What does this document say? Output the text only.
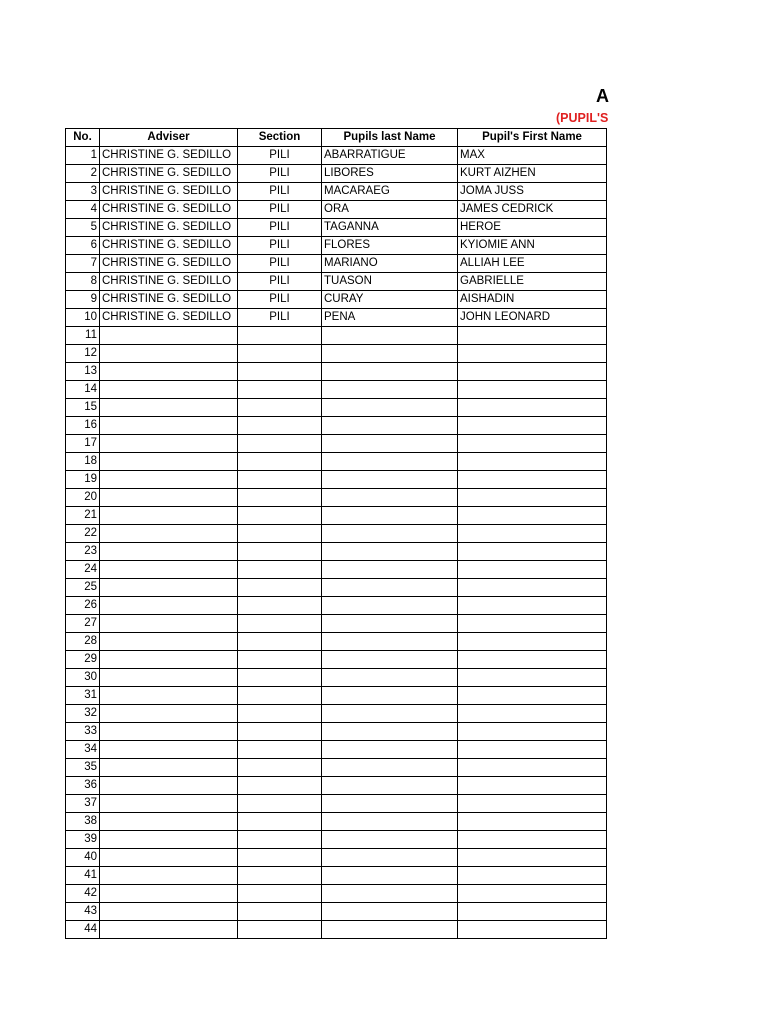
A
(PUPIL'S
No.	Adviser	Section	Pupils last Name	Pupil's First Name
1	CHRISTINE G. SEDILLO	PILI	ABARRATIGUE	MAX
2	CHRISTINE G. SEDILLO	PILI	LIBORES	KURT AIZHEN
3	CHRISTINE G. SEDILLO	PILI	MACARAEG	JOMA JUSS
4	CHRISTINE G. SEDILLO	PILI	ORA	JAMES CEDRICK
5	CHRISTINE G. SEDILLO	PILI	TAGANNA	HEROE
6	CHRISTINE G. SEDILLO	PILI	FLORES	KYIOMIE ANN
7	CHRISTINE G. SEDILLO	PILI	MARIANO	ALLIAH LEE
8	CHRISTINE G. SEDILLO	PILI	TUASON	GABRIELLE
9	CHRISTINE G. SEDILLO	PILI	CURAY	AISHADIN
10	CHRISTINE G. SEDILLO	PILI	PENA	JOHN LEONARD
11				
12				
13				
14				
15				
16				
17				
18				
19				
20				
21				
22				
23				
24				
25				
26				
27				
28				
29				
30				
31				
32				
33				
34				
35				
36				
37				
38				
39				
40				
41				
42				
43				
44				
